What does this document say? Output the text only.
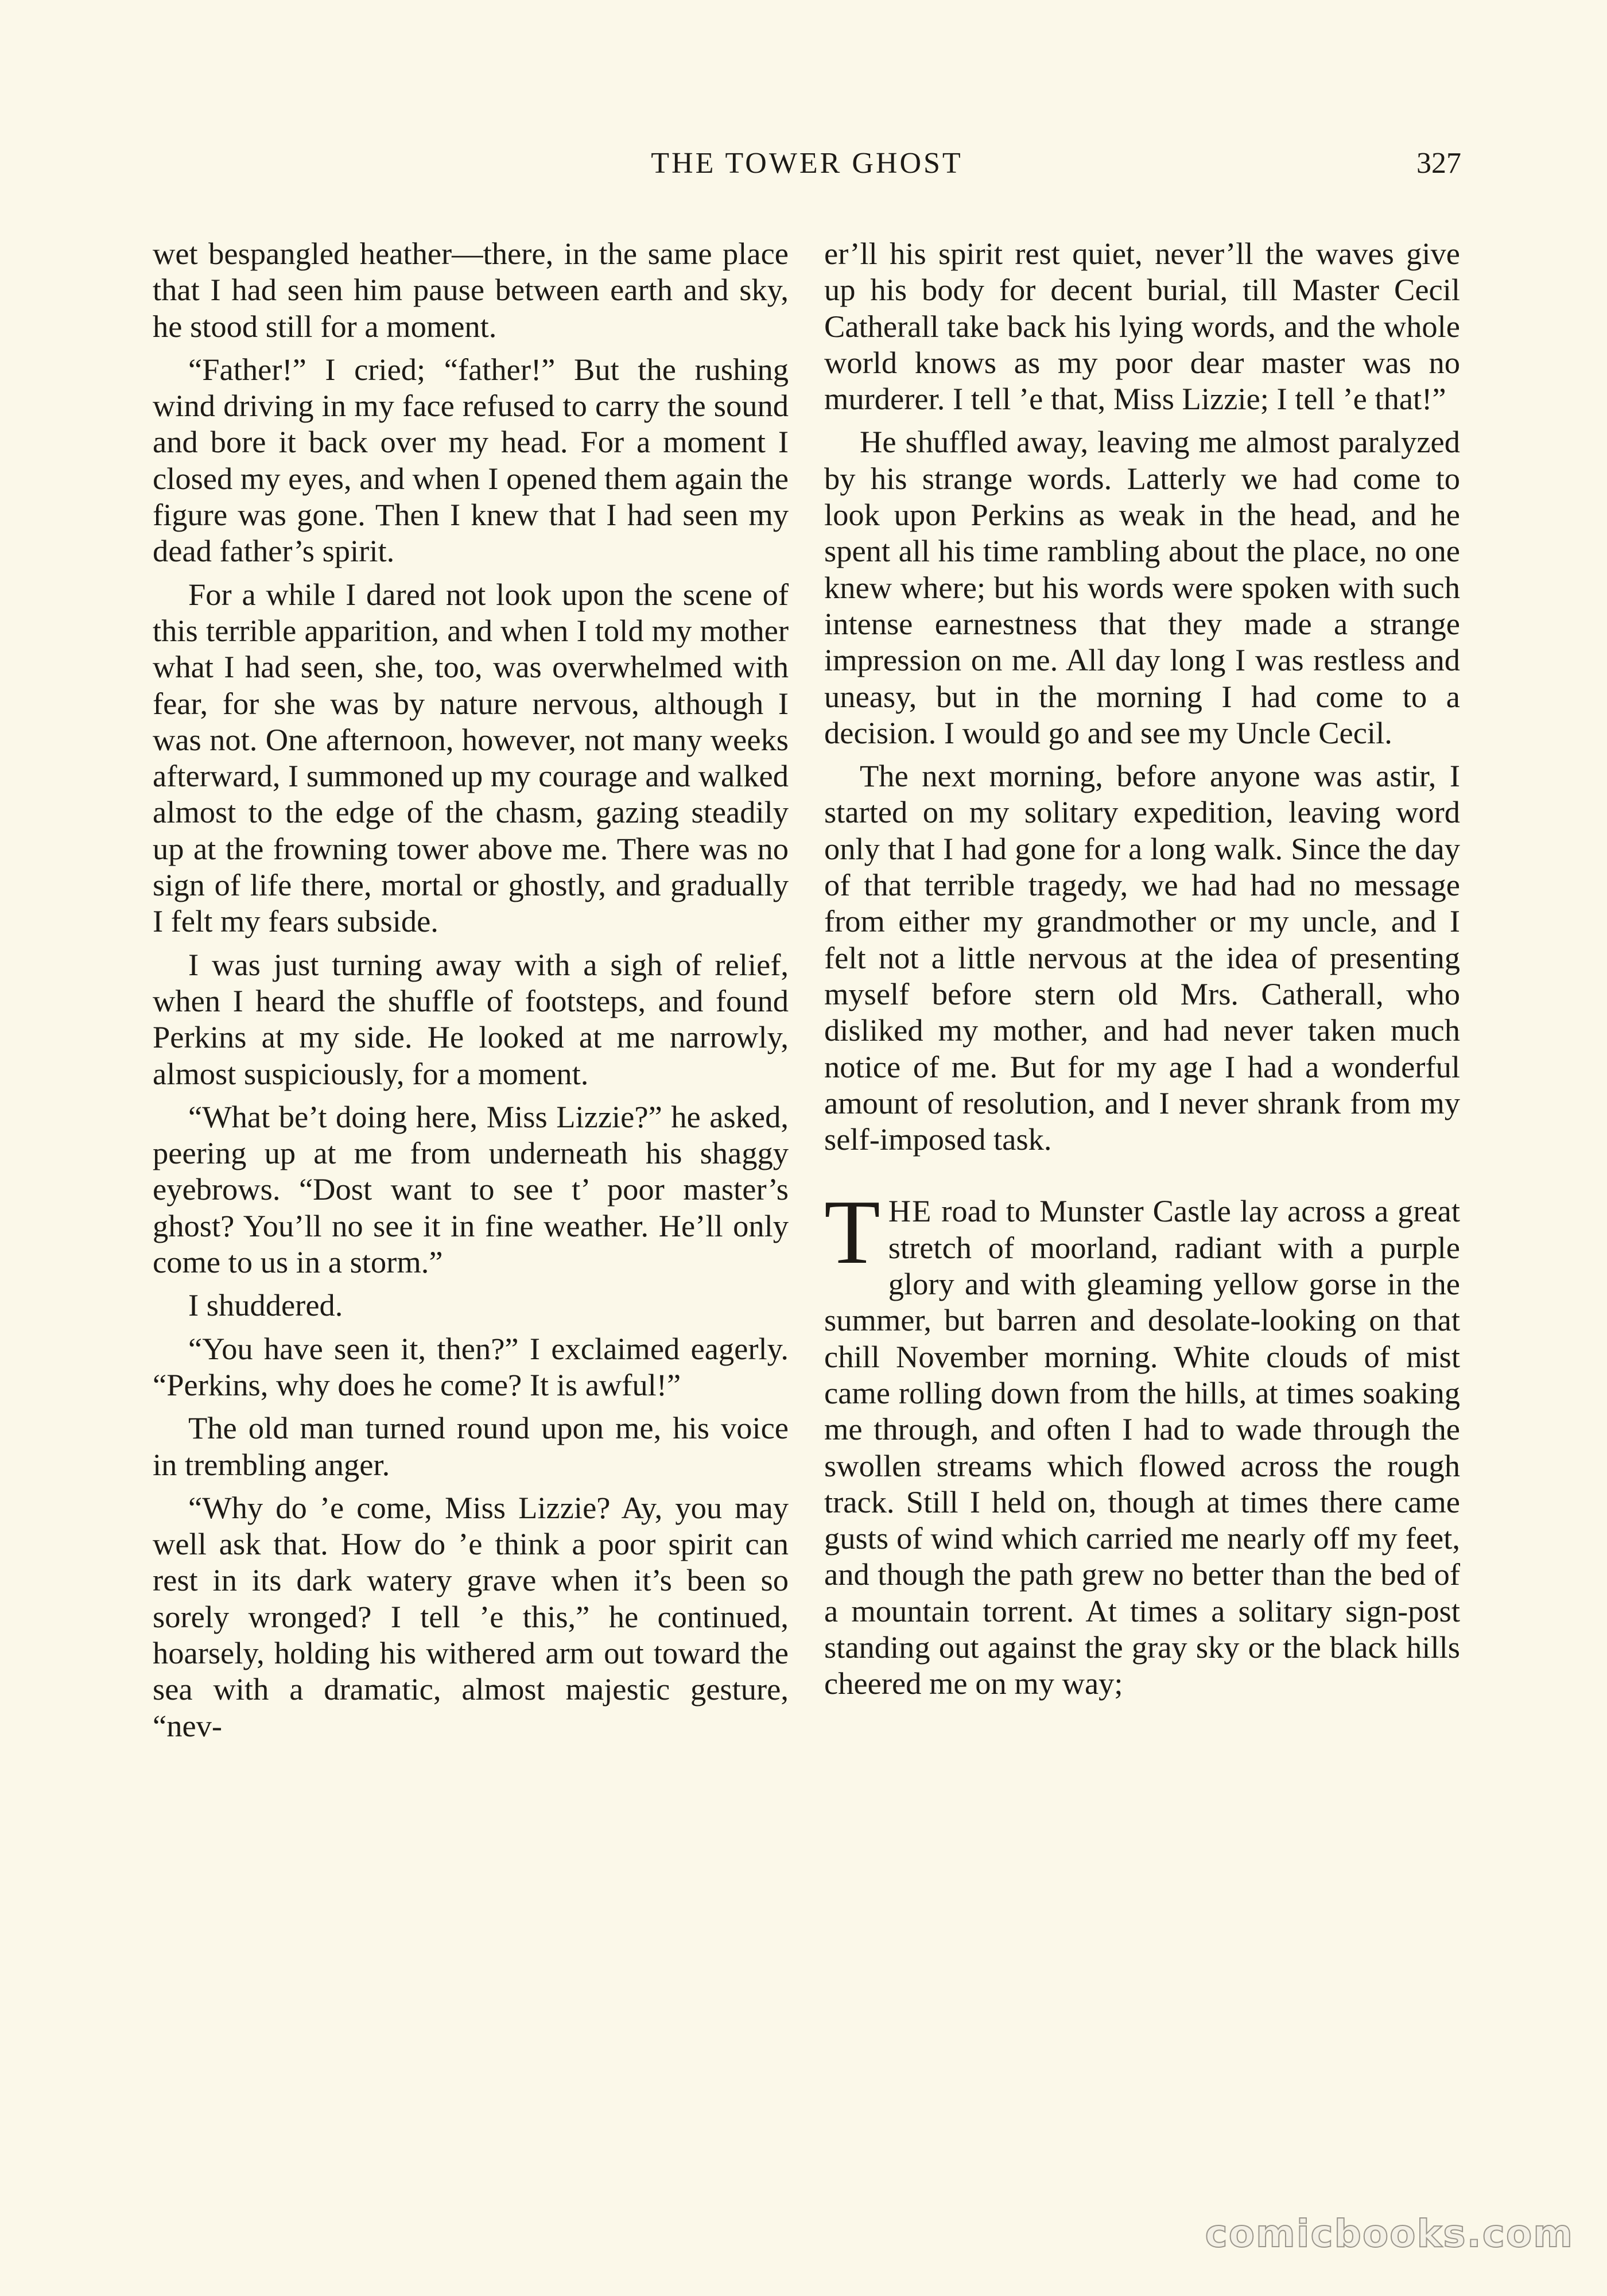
THE TOWER GHOST	327

wet bespangled heather—there, in the same place that I had seen him pause between earth and sky, he stood still for a moment.

“Father!” I cried; “father!” But the rushing wind driving in my face refused to carry the sound and bore it back over my head. For a moment I closed my eyes, and when I opened them again the figure was gone. Then I knew that I had seen my dead father’s spirit.

For a while I dared not look upon the scene of this terrible apparition, and when I told my mother what I had seen, she, too, was overwhelmed with fear, for she was by nature nervous, although I was not. One afternoon, however, not many weeks afterward, I summoned up my courage and walked almost to the edge of the chasm, gazing steadily up at the frowning tower above me. There was no sign of life there, mortal or ghostly, and gradually I felt my fears subside.

I was just turning away with a sigh of relief, when I heard the shuffle of footsteps, and found Perkins at my side. He looked at me narrowly, almost suspiciously, for a moment.

“What be’t doing here, Miss Lizzie?” he asked, peering up at me from underneath his shaggy eyebrows. “Dost want to see t’ poor master’s ghost? You’ll no see it in fine weather. He’ll only come to us in a storm.”

I shuddered.

“You have seen it, then?” I exclaimed eagerly. “Perkins, why does he come? It is awful!”

The old man turned round upon me, his voice in trembling anger.

“Why do ’e come, Miss Lizzie? Ay, you may well ask that. How do ’e think a poor spirit can rest in its dark watery grave when it’s been so sorely wronged? I tell ’e this,” he continued, hoarsely, holding his withered arm out toward the sea with a dramatic, almost majestic gesture, “nev-

er’ll his spirit rest quiet, never’ll the waves give up his body for decent burial, till Master Cecil Catherall take back his lying words, and the whole world knows as my poor dear master was no murderer. I tell ’e that, Miss Lizzie; I tell ’e that!”

He shuffled away, leaving me almost paralyzed by his strange words. Latterly we had come to look upon Perkins as weak in the head, and he spent all his time rambling about the place, no one knew where; but his words were spoken with such intense earnestness that they made a strange impression on me. All day long I was restless and uneasy, but in the morning I had come to a decision. I would go and see my Uncle Cecil.

The next morning, before anyone was astir, I started on my solitary expedition, leaving word only that I had gone for a long walk. Since the day of that terrible tragedy, we had had no message from either my grandmother or my uncle, and I felt not a little nervous at the idea of presenting myself before stern old Mrs. Catherall, who disliked my mother, and had never taken much notice of me. But for my age I had a wonderful amount of resolution, and I never shrank from my self-imposed task.

THE road to Munster Castle lay across a great stretch of moorland, radiant with a purple glory and with gleaming yellow gorse in the summer, but barren and desolate-looking on that chill November morning. White clouds of mist came rolling down from the hills, at times soaking me through, and often I had to wade through the swollen streams which flowed across the rough track. Still I held on, though at times there came gusts of wind which carried me nearly off my feet, and though the path grew no better than the bed of a mountain torrent. At times a solitary sign-post standing out against the gray sky or the black hills cheered me on my way;

comicbooks.com
